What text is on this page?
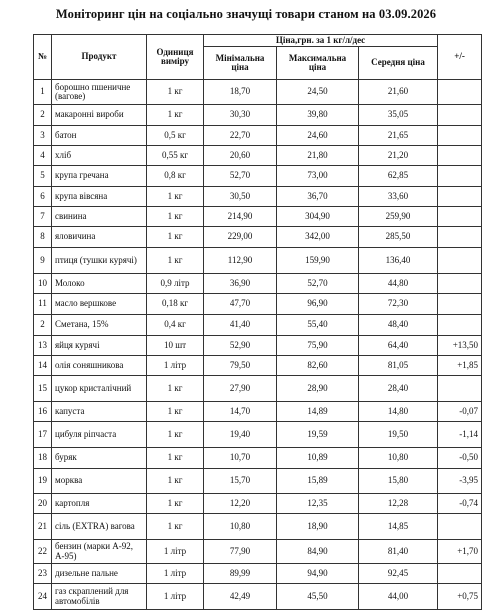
Моніторинг цін на соціально значущі товари станом на 03.09.2026
№	Продукт	Одиниця виміру	Ціна,грн. за 1 кг/л/дес			+/-
			Мінімальна ціна	Максимальна ціна	Середня ціна	
1	борошно пшеничне (вагове)	1 кг	18,70	24,50	21,60	
2	макаронні вироби	1 кг	30,30	39,80	35,05	
3	батон	0,5 кг	22,70	24,60	21,65	
4	хліб	0,55 кг	20,60	21,80	21,20	
5	крупа гречана	0,8 кг	52,70	73,00	62,85	
6	крупа вівсяна	1 кг	30,50	36,70	33,60	
7	свинина	1 кг	214,90	304,90	259,90	
8	яловичина	1 кг	229,00	342,00	285,50	
9	птиця (тушки курячі)	1 кг	112,90	159,90	136,40	
10	Молоко	0,9 літр	36,90	52,70	44,80	
11	масло вершкове	0,18 кг	47,70	96,90	72,30	
2	Сметана, 15%	0,4 кг	41,40	55,40	48,40	
13	яйця курячі	10 шт	52,90	75,90	64,40	+13,50
14	олія соняшникова	1 літр	79,50	82,60	81,05	+1,85
15	цукор кристалічний	1 кг	27,90	28,90	28,40	
16	капуста	1 кг	14,70	14,89	14,80	-0,07
17	цибуля ріпчаста	1 кг	19,40	19,59	19,50	-1,14
18	буряк	1 кг	10,70	10,89	10,80	-0,50
19	морква	1 кг	15,70	15,89	15,80	-3,95
20	картопля	1 кг	12,20	12,35	12,28	-0,74
21	сіль (EXTRA) вагова	1 кг	10,80	18,90	14,85	
22	бензин (марки А-92, А-95)	1 літр	77,90	84,90	81,40	+1,70
23	дизельне пальне	1 літр	89,99	94,90	92,45	
24	газ скраплений для автомобілів	1 літр	42,49	45,50	44,00	+0,75
